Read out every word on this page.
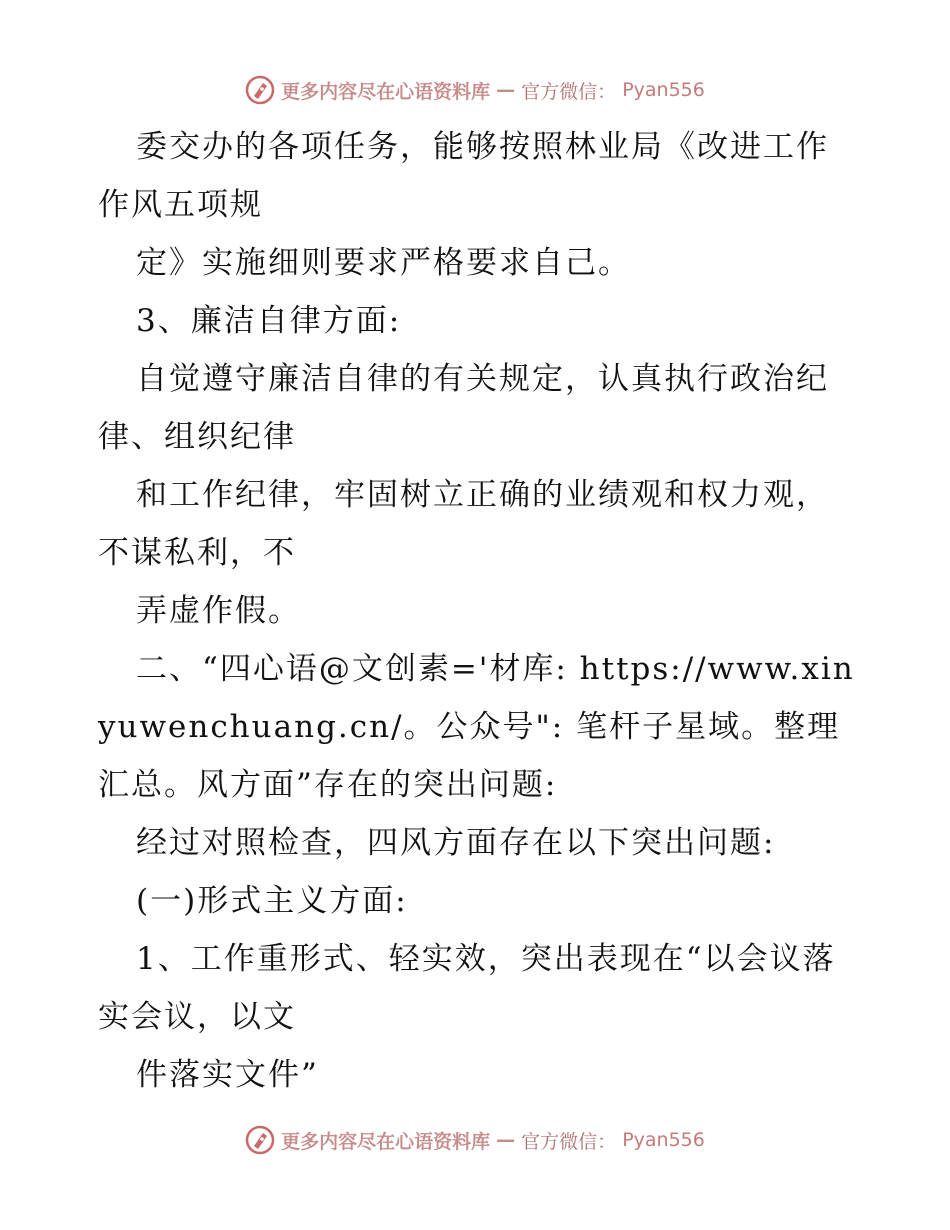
更多内容尽在心语资料库 — 官方微信： Pyan556

委交办的各项任务，能够按照林业局《改进工作作风五项规

定》实施细则要求严格要求自己。

3、廉洁自律方面:

自觉遵守廉洁自律的有关规定，认真执行政治纪律、组织纪律

和工作纪律，牢固树立正确的业绩观和权力观，不谋私利，不

弄虚作假。

二、“四心语@文创素='材库: https://www.xinyuwenchuang.cn/。公众号": 笔杆子星域。整理汇总。风方面”存在的突出问题:

经过对照检查，四风方面存在以下突出问题:

(一)形式主义方面:

1、工作重形式、轻实效，突出表现在“以会议落实会议，以文

件落实文件”

更多内容尽在心语资料库 — 官方微信： Pyan556
